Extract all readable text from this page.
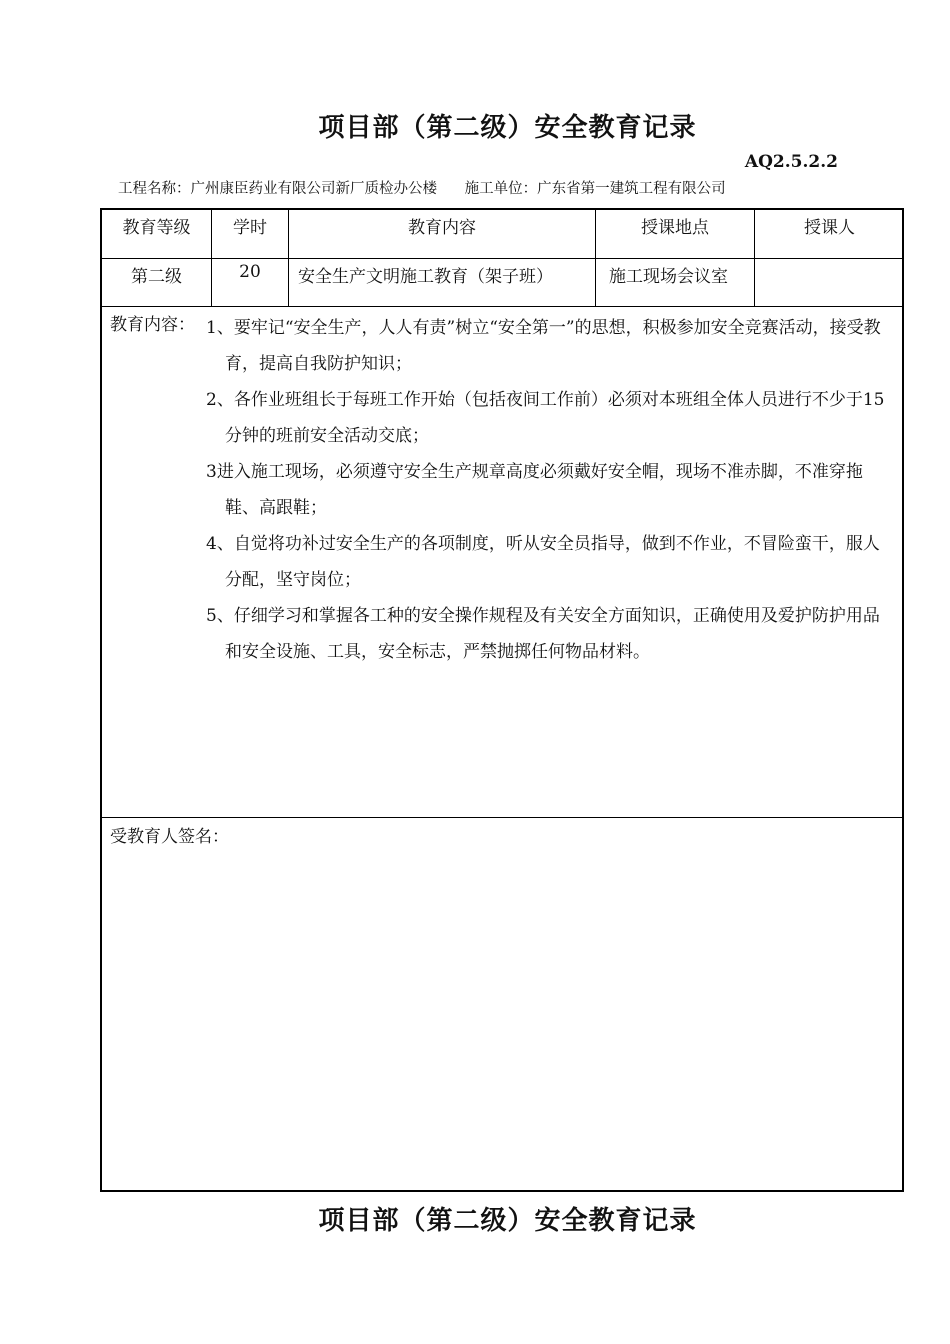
项目部（第二级）安全教育记录
AQ2.5.2.2
工程名称：广州康臣药业有限公司新厂质检办公楼 施工单位：广东省第一建筑工程有限公司
教育等级	学时	教育内容	授课地点	授课人
第二级	20	安全生产文明施工教育（架子班）	施工现场会议室
教育内容： 1、要牢记“安全生产，人人有责”树立“安全第一”的思想，积极参加安全竞赛活动，接受教育，提高自我防护知识；
2、各作业班组长于每班工作开始（包括夜间工作前）必须对本班组全体人员进行不少于15分钟的班前安全活动交底；
3进入施工现场，必须遵守安全生产规章高度必须戴好安全帽，现场不准赤脚，不准穿拖鞋、高跟鞋；
4、自觉将功补过安全生产的各项制度，听从安全员指导，做到不作业，不冒险蛮干，服人分配，坚守岗位；
5、仔细学习和掌握各工种的安全操作规程及有关安全方面知识，正确使用及爱护防护用品和安全设施、工具，安全标志，严禁抛掷任何物品材料。
受教育人签名：
项目部（第二级）安全教育记录
